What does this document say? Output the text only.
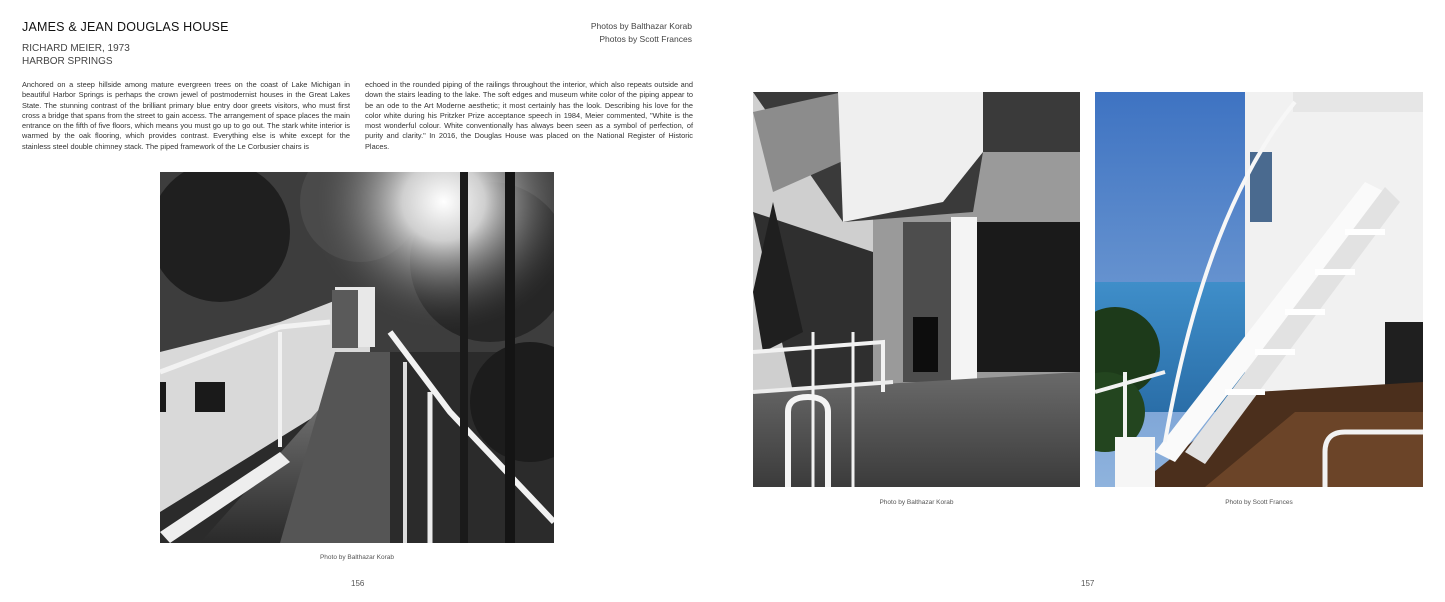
JAMES & JEAN DOUGLAS HOUSE
RICHARD MEIER, 1973
HARBOR SPRINGS
Photos by Balthazar Korab
Photos by Scott Frances
Anchored on a steep hillside among mature evergreen trees on the coast of Lake Michigan in beautiful Harbor Springs is perhaps the crown jewel of postmodernist houses in the Great Lakes State. The stunning contrast of the brilliant primary blue entry door greets visitors, who must first cross a bridge that spans from the street to gain access. The arrangement of space places the main entrance on the fifth of five floors, which means you must go up to go out. The stark white interior is warmed by the oak flooring, which provides contrast. Everything else is white except for the stainless steel double chimney stack. The piped framework of the Le Corbusier chairs is
echoed in the rounded piping of the railings throughout the interior, which also repeats outside and down the stairs leading to the lake. The soft edges and museum white color of the piping appear to be an ode to the Art Moderne aesthetic; it most certainly has the look. Describing his love for the color white during his Pritzker Prize acceptance speech in 1984, Meier commented, "White is the most wonderful colour. White conventionally has always been seen as a symbol of perfection, of purity and clarity." In 2016, the Douglas House was placed on the National Register of Historic Places.
Photo by Balthazar Korab
156
Photo by Balthazar Korab	Photo by Scott Frances
157
